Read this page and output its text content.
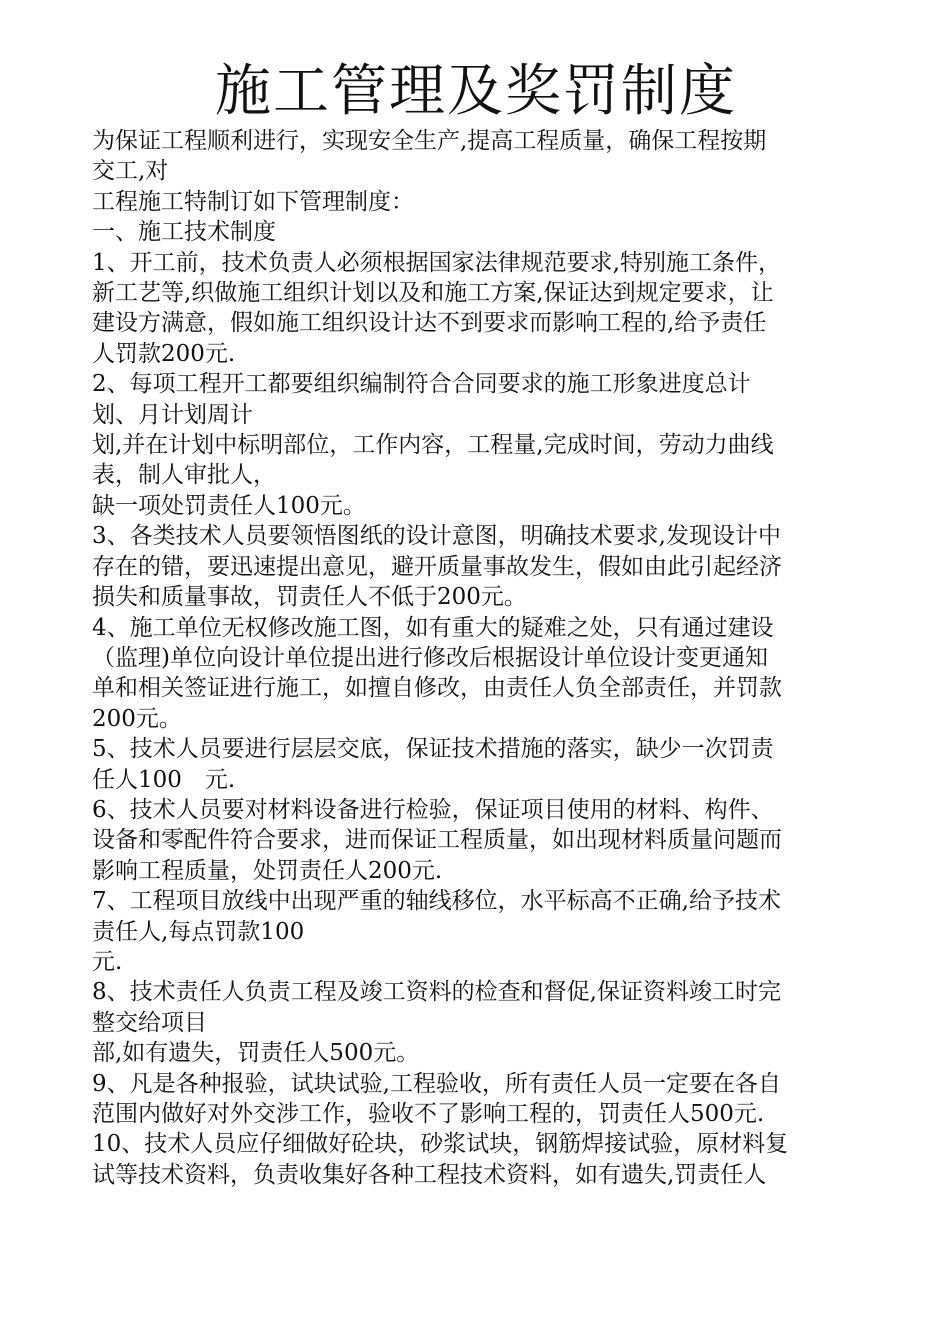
施工管理及奖罚制度

为保证工程顺利进行，实现安全生产,提高工程质量，确保工程按期

交工,对

工程施工特制订如下管理制度：

一、施工技术制度

1、开工前，技术负责人必须根据国家法律规范要求,特别施工条件，

新工艺等,织做施工组织计划以及和施工方案,保证达到规定要求，让

建设方满意，假如施工组织设计达不到要求而影响工程的,给予责任

人罚款200元.

2、每项工程开工都要组织编制符合合同要求的施工形象进度总计

划、月计划周计

划,并在计划中标明部位，工作内容，工程量,完成时间，劳动力曲线

表，制人审批人，

缺一项处罚责任人100元。

3、各类技术人员要领悟图纸的设计意图，明确技术要求,发现设计中

存在的错，要迅速提出意见，避开质量事故发生，假如由此引起经济

损失和质量事故，罚责任人不低于200元。

4、施工单位无权修改施工图，如有重大的疑难之处，只有通过建设

（监理)单位向设计单位提出进行修改后根据设计单位设计变更通知

单和相关签证进行施工，如擅自修改，由责任人负全部责任，并罚款

200元。

5、技术人员要进行层层交底，保证技术措施的落实，缺少一次罚责

任人100　元.

6、技术人员要对材料设备进行检验，保证项目使用的材料、构件、

设备和零配件符合要求，进而保证工程质量，如出现材料质量问题而

影响工程质量，处罚责任人200元.

7、工程项目放线中出现严重的轴线移位，水平标高不正确,给予技术

责任人,每点罚款100

元.

8、技术责任人负责工程及竣工资料的检查和督促,保证资料竣工时完

整交给项目

部,如有遗失，罚责任人500元。

9、凡是各种报验，试块试验,工程验收，所有责任人员一定要在各自

范围内做好对外交涉工作，验收不了影响工程的，罚责任人500元.

10、技术人员应仔细做好砼块，砂浆试块，钢筋焊接试验，原材料复

试等技术资料，负责收集好各种工程技术资料，如有遗失,罚责任人
